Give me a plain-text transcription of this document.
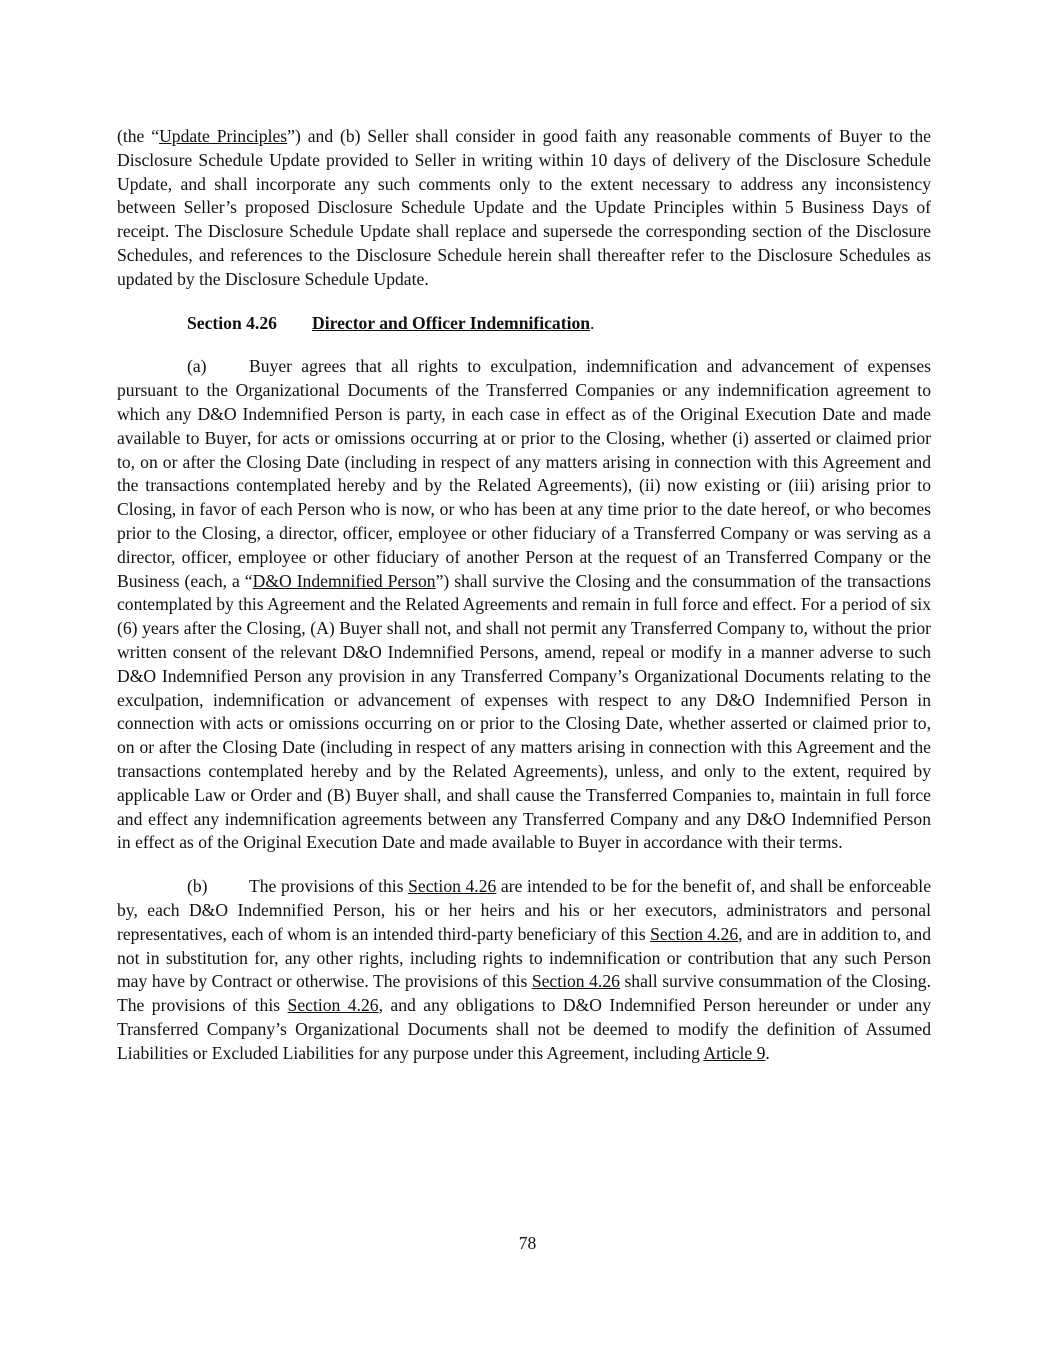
(the “Update Principles”) and (b) Seller shall consider in good faith any reasonable comments of Buyer to the Disclosure Schedule Update provided to Seller in writing within 10 days of delivery of the Disclosure Schedule Update, and shall incorporate any such comments only to the extent necessary to address any inconsistency between Seller’s proposed Disclosure Schedule Update and the Update Principles within 5 Business Days of receipt. The Disclosure Schedule Update shall replace and supersede the corresponding section of the Disclosure Schedules, and references to the Disclosure Schedule herein shall thereafter refer to the Disclosure Schedules as updated by the Disclosure Schedule Update.

Section 4.26 Director and Officer Indemnification.

(a) Buyer agrees that all rights to exculpation, indemnification and advancement of expenses pursuant to the Organizational Documents of the Transferred Companies or any indemnification agreement to which any D&O Indemnified Person is party, in each case in effect as of the Original Execution Date and made available to Buyer, for acts or omissions occurring at or prior to the Closing, whether (i) asserted or claimed prior to, on or after the Closing Date (including in respect of any matters arising in connection with this Agreement and the transactions contemplated hereby and by the Related Agreements), (ii) now existing or (iii) arising prior to Closing, in favor of each Person who is now, or who has been at any time prior to the date hereof, or who becomes prior to the Closing, a director, officer, employee or other fiduciary of a Transferred Company or was serving as a director, officer, employee or other fiduciary of another Person at the request of an Transferred Company or the Business (each, a “D&O Indemnified Person”) shall survive the Closing and the consummation of the transactions contemplated by this Agreement and the Related Agreements and remain in full force and effect. For a period of six (6) years after the Closing, (A) Buyer shall not, and shall not permit any Transferred Company to, without the prior written consent of the relevant D&O Indemnified Persons, amend, repeal or modify in a manner adverse to such D&O Indemnified Person any provision in any Transferred Company’s Organizational Documents relating to the exculpation, indemnification or advancement of expenses with respect to any D&O Indemnified Person in connection with acts or omissions occurring on or prior to the Closing Date, whether asserted or claimed prior to, on or after the Closing Date (including in respect of any matters arising in connection with this Agreement and the transactions contemplated hereby and by the Related Agreements), unless, and only to the extent, required by applicable Law or Order and (B) Buyer shall, and shall cause the Transferred Companies to, maintain in full force and effect any indemnification agreements between any Transferred Company and any D&O Indemnified Person in effect as of the Original Execution Date and made available to Buyer in accordance with their terms.

(b) The provisions of this Section 4.26 are intended to be for the benefit of, and shall be enforceable by, each D&O Indemnified Person, his or her heirs and his or her executors, administrators and personal representatives, each of whom is an intended third-party beneficiary of this Section 4.26, and are in addition to, and not in substitution for, any other rights, including rights to indemnification or contribution that any such Person may have by Contract or otherwise. The provisions of this Section 4.26 shall survive consummation of the Closing. The provisions of this Section 4.26, and any obligations to D&O Indemnified Person hereunder or under any Transferred Company’s Organizational Documents shall not be deemed to modify the definition of Assumed Liabilities or Excluded Liabilities for any purpose under this Agreement, including Article 9.

78
